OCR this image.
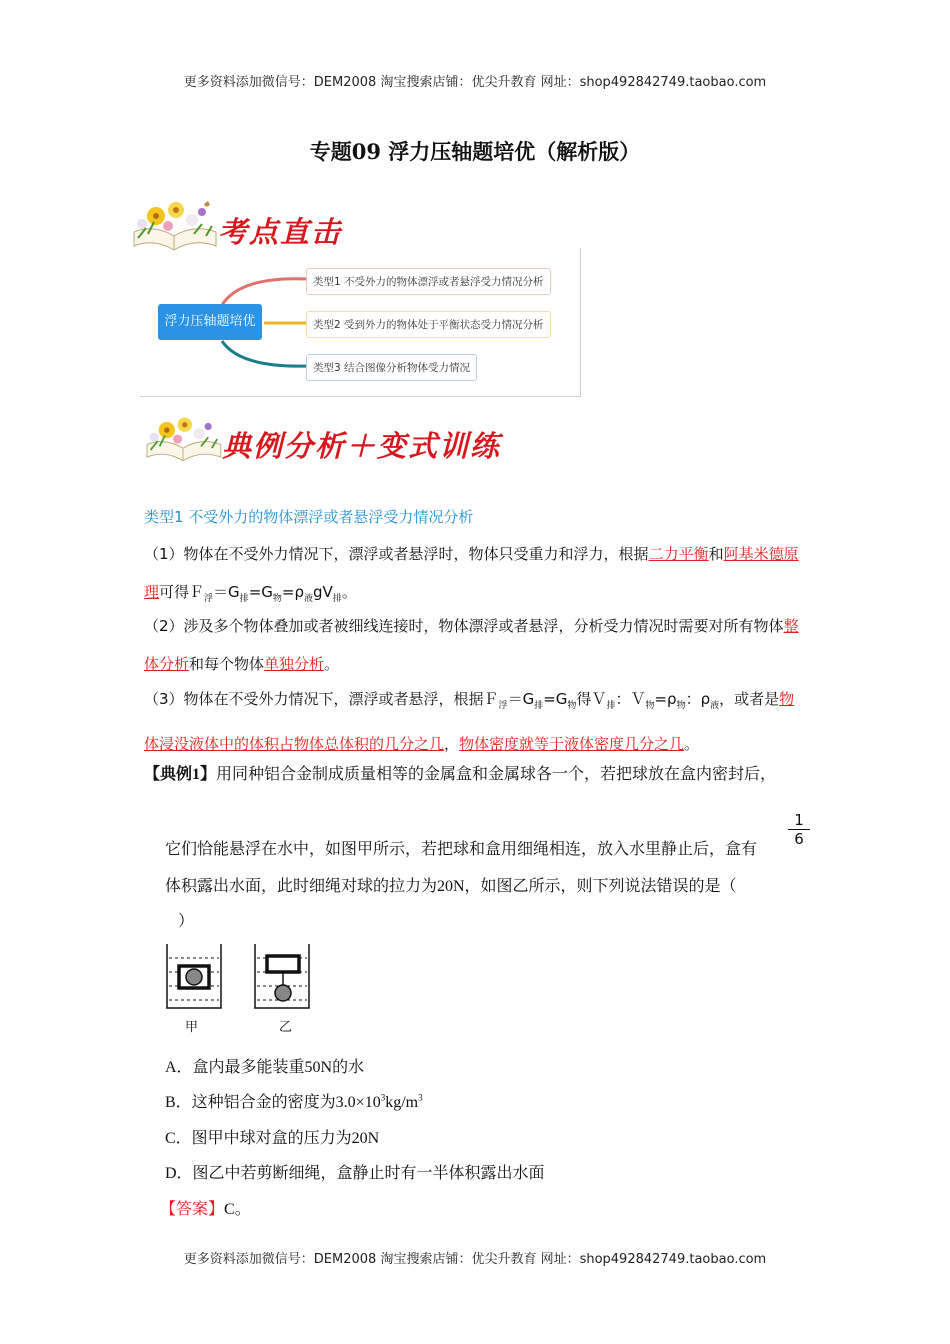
更多资料添加微信号：DEM2008 淘宝搜索店铺：优尖升教育 网址：shop492842749.taobao.com
专题09 浮力压轴题培优（解析版）
考点直击
浮力压轴题培优
类型1 不受外力的物体漂浮或者悬浮受力情况分析
类型2 受到外力的物体处于平衡状态受力情况分析
类型3 结合图像分析物体受力情况
典例分析＋变式训练
类型1 不受外力的物体漂浮或者悬浮受力情况分析
（1）物体在不受外力情况下，漂浮或者悬浮时，物体只受重力和浮力，根据二力平衡和阿基米德原理可得$F_浮=G_排=G_物=\rho_液gV_排$。
（2）涉及多个物体叠加或者被细线连接时，物体漂浮或者悬浮，分析受力情况时需要对所有物体整体分析和每个物体单独分析。
（3）物体在不受外力情况下，漂浮或者悬浮，根据$F_浮=G_排=G_物$得Ｖ$_排$：$V_物=\rho_物$：$\rho_液$，或者是物体浸没液体中的体积占物体总体积的几分之几，物体密度就等于液体密度几分之几。
【典例1】用同种铝合金制成质量相等的金属盒和金属球各一个，若把球放在盒内密封后，
1
6
它们恰能悬浮在水中，如图甲所示，若把球和盒用细绳相连，放入水里静止后，盒有
体积露出水面，此时细绳对球的拉力为20N，如图乙所示，则下列说法错误的是（
）
甲	乙
A．盒内最多能装重50N的水
B．这种铝合金的密度为$3.0\times 10^3kg/m^3$
C．图甲中球对盒的压力为20N
D．图乙中若剪断细绳，盒静止时有一半体积露出水面
【答案】C。
更多资料添加微信号：DEM2008 淘宝搜索店铺：优尖升教育 网址：shop492842749.taobao.com
